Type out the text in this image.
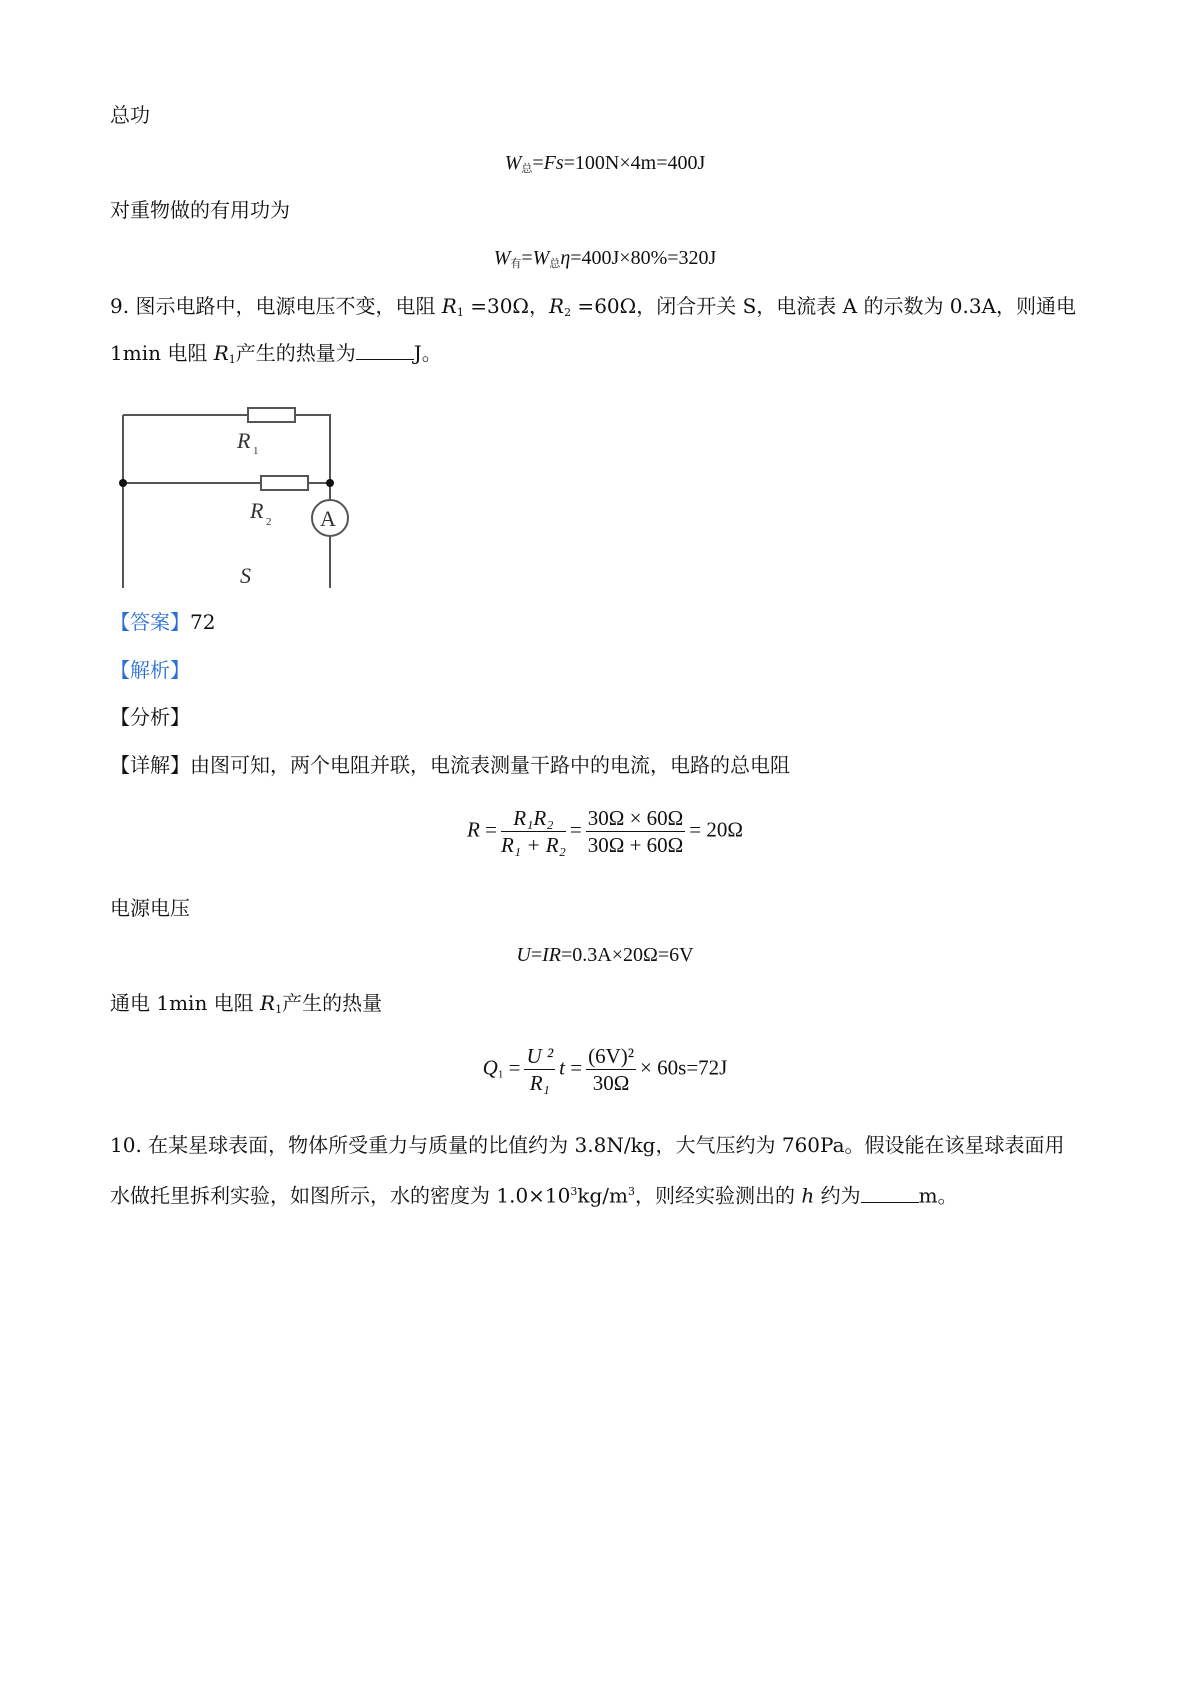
总功
$W_总=Fs=100N\times 4m=400J$
对重物做的有用功为
$W_有=W_总\eta=400J\times 80\%=320J$
9. 图示电路中，电源电压不变，电阻 $R_1 =30\Omega$，$R_2 =60\Omega$，闭合开关 S，电流表 A 的示数为 0.3A，则通电
1min 电阻 $R_1$产生的热量为	J。
R 1
R 2 A
S
【答案】72
【解析】
【分析】
【详解】由图可知，两个电阻并联，电流表测量干路中的电流，电路的总电阻
$R = \frac{\text{R₁R₂}}{\text{R₁ + R₂}} = \frac{30\Omega \times 60\Omega}{30\Omega + 60\Omega} = 20\Omega$
电源电压
U=IR=0.3A×20Ω=6V
通电 1min 电阻 $R_1$产生的热量
$Q_1 = \frac{\text{U ²}}{\text{R₁}}$ $t = \frac{\text{(6V)²}}{30\Omega} \times 60s=72J$
10. 在某星球表面，物体所受重力与质量的比值约为 3.8N/kg，大气压约为 760Pa。假设能在该星球表面用
水做托里拆利实验，如图所示，水的密度为 $1.0\times 10^3kg/m^3$，则经实验测出的 h 约为	m。
